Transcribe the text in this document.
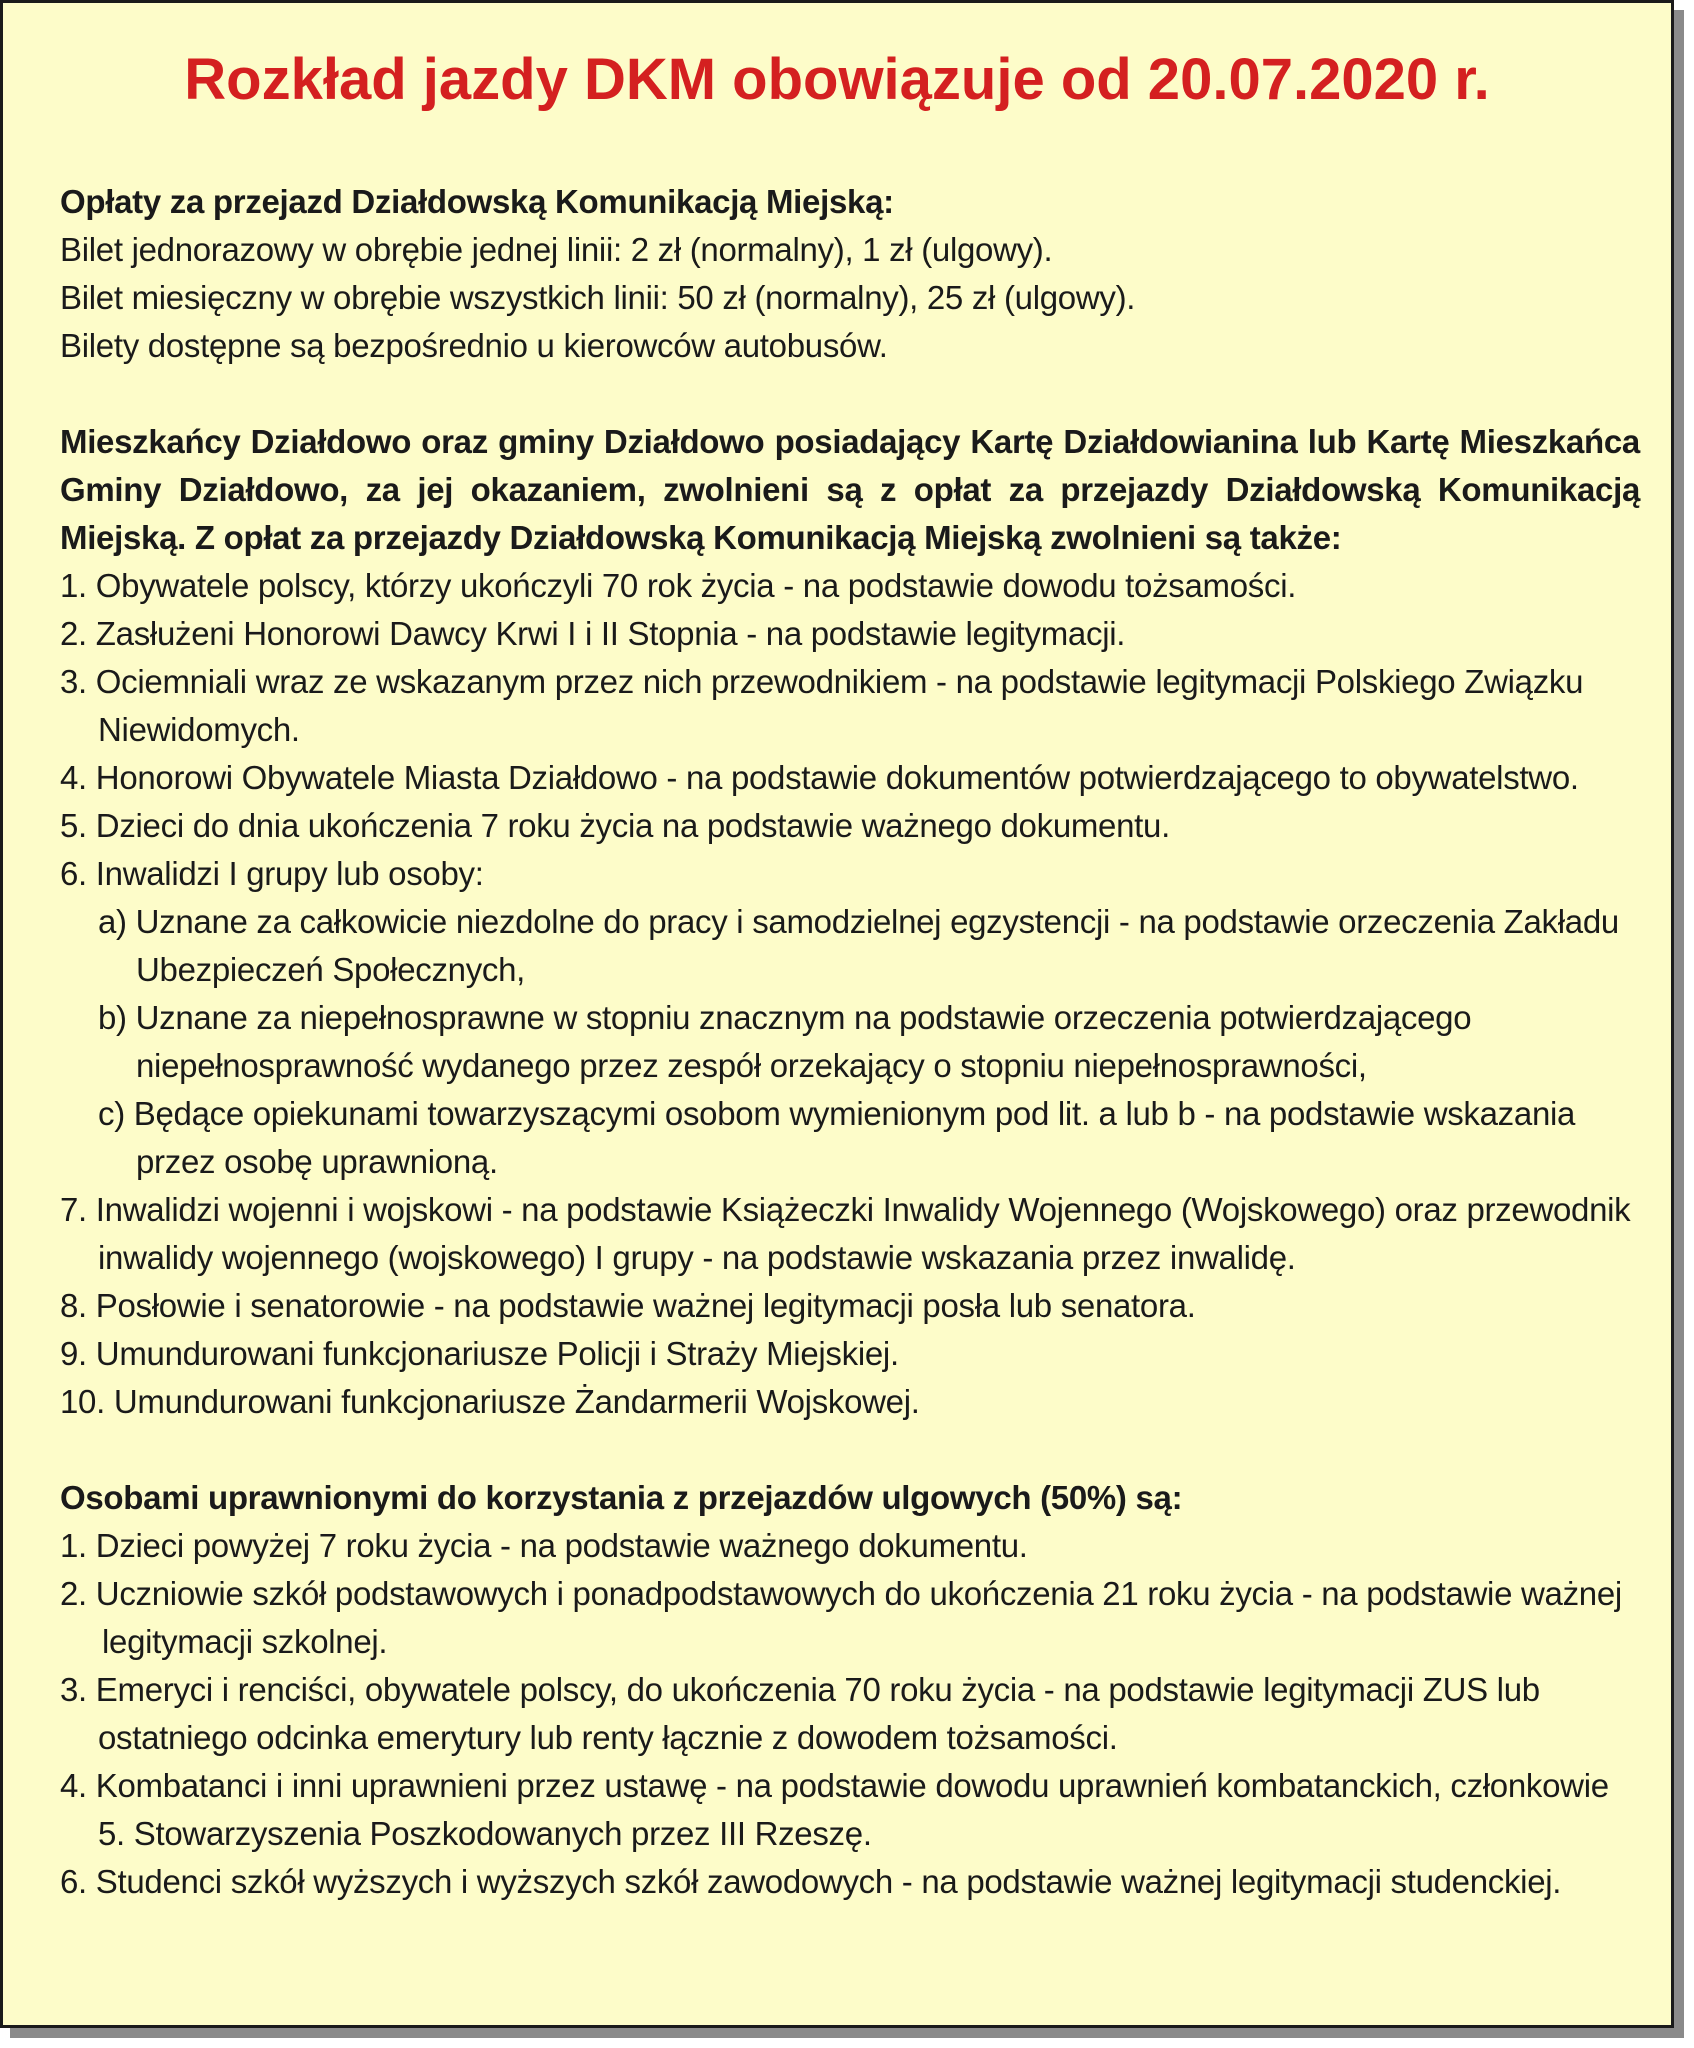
Rozkład jazdy DKM obowiązuje od 20.07.2020 r.

Opłaty za przejazd Działdowską Komunikacją Miejską:

Bilet jednorazowy w obrębie jednej linii: 2 zł (normalny), 1 zł (ulgowy).

Bilet miesięczny w obrębie wszystkich linii: 50 zł (normalny), 25 zł (ulgowy).

Bilety dostępne są bezpośrednio u kierowców autobusów.

Mieszkańcy Działdowo oraz gminy Działdowo posiadający Kartę Działdowianina lub Kartę Mieszkańca Gminy Działdowo, za jej okazaniem, zwolnieni są z opłat za przejazdy Działdowską Komunikacją Miejską. Z opłat za przejazdy Działdowską Komunikacją Miejską zwolnieni są także:

1. Obywatele polscy, którzy ukończyli 70 rok życia - na podstawie dowodu tożsamości.

2. Zasłużeni Honorowi Dawcy Krwi I i II Stopnia - na podstawie legitymacji.

3. Ociemniali wraz ze wskazanym przez nich przewodnikiem - na podstawie legitymacji Polskiego Związku Niewidomych.

4. Honorowi Obywatele Miasta Działdowo - na podstawie dokumentów potwierdzającego to obywatelstwo.

5. Dzieci do dnia ukończenia 7 roku życia na podstawie ważnego dokumentu.

6. Inwalidzi I grupy lub osoby:

a) Uznane za całkowicie niezdolne do pracy i samodzielnej egzystencji - na podstawie orzeczenia Zakładu Ubezpieczeń Społecznych,

b) Uznane za niepełnosprawne w stopniu znacznym na podstawie orzeczenia potwierdzającego niepełnosprawność wydanego przez zespół orzekający o stopniu niepełnosprawności,

c) Będące opiekunami towarzyszącymi osobom wymienionym pod lit. a lub b - na podstawie wskazania przez osobę uprawnioną.

7. Inwalidzi wojenni i wojskowi - na podstawie Książeczki Inwalidy Wojennego (Wojskowego) oraz przewodnik inwalidy wojennego (wojskowego) I grupy - na podstawie wskazania przez inwalidę.

8. Posłowie i senatorowie - na podstawie ważnej legitymacji posła lub senatora.

9. Umundurowani funkcjonariusze Policji i Straży Miejskiej.

10. Umundurowani funkcjonariusze Żandarmerii Wojskowej.

Osobami uprawnionymi do korzystania z przejazdów ulgowych (50%) są:

1. Dzieci powyżej 7 roku życia - na podstawie ważnego dokumentu.

2. Uczniowie szkół podstawowych i ponadpodstawowych do ukończenia 21 roku życia - na podstawie ważnej legitymacji szkolnej.

3. Emeryci i renciści, obywatele polscy, do ukończenia 70 roku życia - na podstawie legitymacji ZUS lub ostatniego odcinka emerytury lub renty łącznie z dowodem tożsamości.

4. Kombatanci i inni uprawnieni przez ustawę - na podstawie dowodu uprawnień kombatanckich, członkowie 5. Stowarzyszenia Poszkodowanych przez III Rzeszę.

6. Studenci szkół wyższych i wyższych szkół zawodowych - na podstawie ważnej legitymacji studenckiej.
